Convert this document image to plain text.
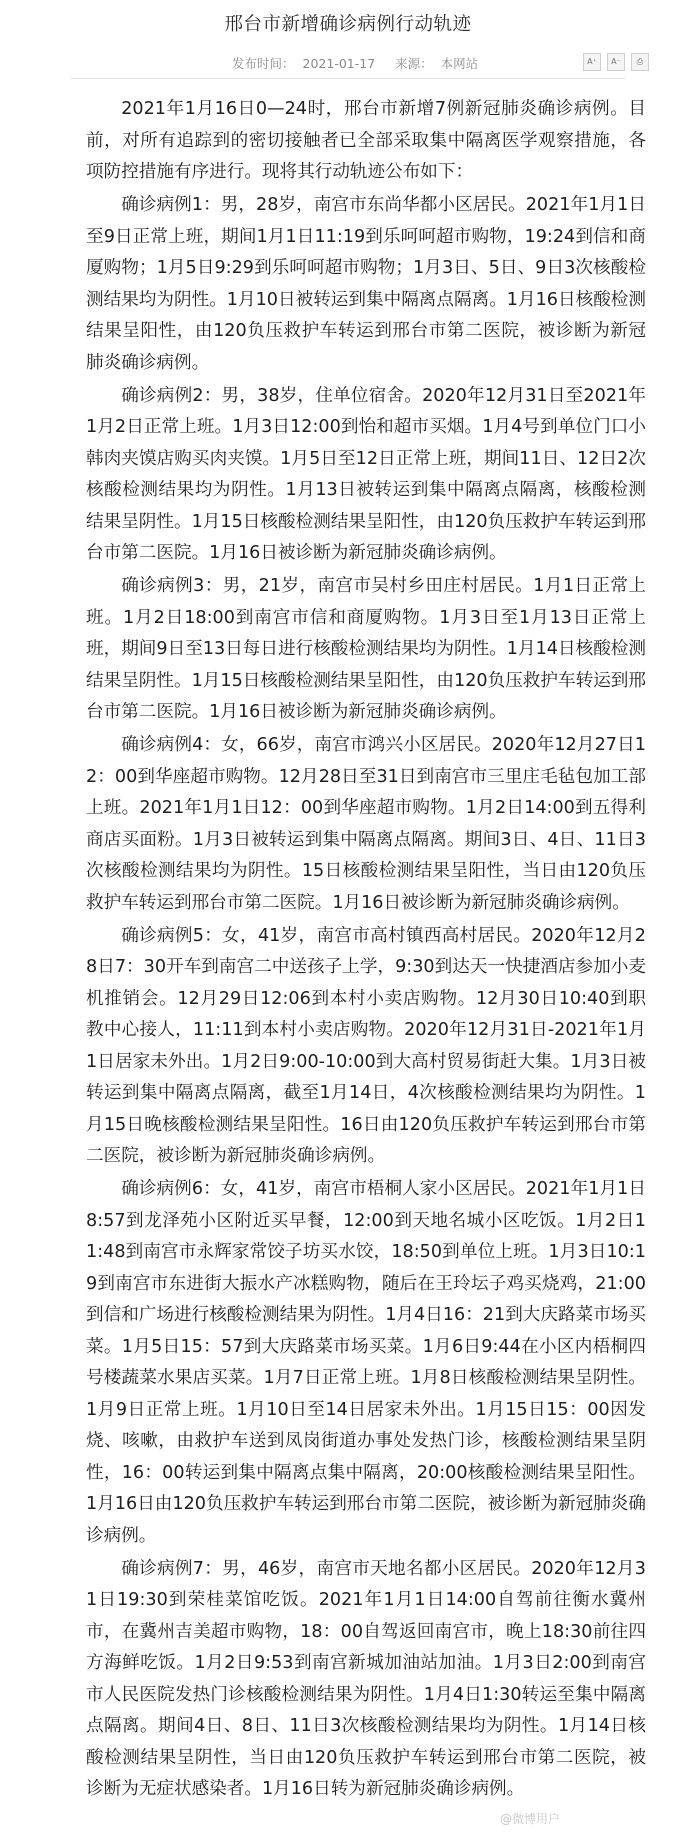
邢台市新增确诊病例行动轨迹
发布时间： 2021-01-17 来源： 本网站	A⁺	A⁻	⎙

2021年1月16日0—24时，邢台市新增7例新冠肺炎确诊病例。目前，对所有追踪到的密切接触者已全部采取集中隔离医学观察措施，各项防控措施有序进行。现将其行动轨迹公布如下：

确诊病例1：男，28岁，南宫市东尚华都小区居民。2021年1月1日至9日正常上班，期间1月1日11:19到乐呵呵超市购物，19:24到信和商厦购物；1月5日9:29到乐呵呵超市购物；1月3日、5日、9日3次核酸检测结果均为阴性。1月10日被转运到集中隔离点隔离。1月16日核酸检测结果呈阳性，由120负压救护车转运到邢台市第二医院，被诊断为新冠肺炎确诊病例。

确诊病例2：男，38岁，住单位宿舍。2020年12月31日至2021年1月2日正常上班。1月3日12:00到怡和超市买烟。1月4号到单位门口小韩肉夹馍店购买肉夹馍。1月5日至12日正常上班，期间11日、12日2次核酸检测结果均为阴性。1月13日被转运到集中隔离点隔离，核酸检测结果呈阴性。1月15日核酸检测结果呈阳性，由120负压救护车转运到邢台市第二医院。1月16日被诊断为新冠肺炎确诊病例。

确诊病例3：男，21岁，南宫市吴村乡田庄村居民。1月1日正常上班。1月2日18:00到南宫市信和商厦购物。1月3日至1月13日正常上班，期间9日至13日每日进行核酸检测结果均为阴性。1月14日核酸检测结果呈阴性。1月15日核酸检测结果呈阳性，由120负压救护车转运到邢台市第二医院。1月16日被诊断为新冠肺炎确诊病例。

确诊病例4：女，66岁，南宫市鸿兴小区居民。2020年12月27日12：00到华座超市购物。12月28日至31日到南宫市三里庄毛毡包加工部上班。2021年1月1日12：00到华座超市购物。1月2日14:00到五得利商店买面粉。1月3日被转运到集中隔离点隔离。期间3日、4日、11日3次核酸检测结果均为阴性。15日核酸检测结果呈阳性，当日由120负压救护车转运到邢台市第二医院。1月16日被诊断为新冠肺炎确诊病例。

确诊病例5：女，41岁，南宫市高村镇西高村居民。2020年12月28日7：30开车到南宫二中送孩子上学，9:30到达天一快捷酒店参加小麦机推销会。12月29日12:06到本村小卖店购物。12月30日10:40到职教中心接人，11:11到本村小卖店购物。2020年12月31日-2021年1月1日居家未外出。1月2日9:00-10:00到大高村贸易街赶大集。1月3日被转运到集中隔离点隔离，截至1月14日，4次核酸检测结果均为阴性。1月15日晚核酸检测结果呈阳性。16日由120负压救护车转运到邢台市第二医院，被诊断为新冠肺炎确诊病例。

确诊病例6：女，41岁，南宫市梧桐人家小区居民。2021年1月1日8:57到龙泽苑小区附近买早餐，12:00到天地名城小区吃饭。1月2日11:48到南宫市永辉家常饺子坊买水饺，18:50到单位上班。1月3日10:19到南宫市东进街大振水产冰糕购物，随后在王玲坛子鸡买烧鸡，21:00到信和广场进行核酸检测结果为阴性。1月4日16：21到大庆路菜市场买菜。1月5日15：57到大庆路菜市场买菜。1月6日9:44在小区内梧桐四号楼蔬菜水果店买菜。1月7日正常上班。1月8日核酸检测结果呈阴性。1月9日正常上班。1月10日至14日居家未外出。1月15日15：00因发烧、咳嗽，由救护车送到凤岗街道办事处发热门诊，核酸检测结果呈阴性，16：00转运到集中隔离点集中隔离，20:00核酸检测结果呈阳性。1月16日由120负压救护车转运到邢台市第二医院，被诊断为新冠肺炎确诊病例。

确诊病例7：男，46岁，南宫市天地名都小区居民。2020年12月31日19:30到荣桂菜馆吃饭。2021年1月1日14:00自驾前往衡水冀州市，在冀州吉美超市购物，18：00自驾返回南宫市，晚上18:30前往四方海鲜吃饭。1月2日9:53到南宫新城加油站加油。1月3日2:00到南宫市人民医院发热门诊核酸检测结果为阴性。1月4日1:30转运至集中隔离点隔离。期间4日、8日、11日3次核酸检测结果均为阴性。1月14日核酸检测结果呈阴性，当日由120负压救护车转运到邢台市第二医院，被诊断为无症状感染者。1月16日转为新冠肺炎确诊病例。

@微博用户
